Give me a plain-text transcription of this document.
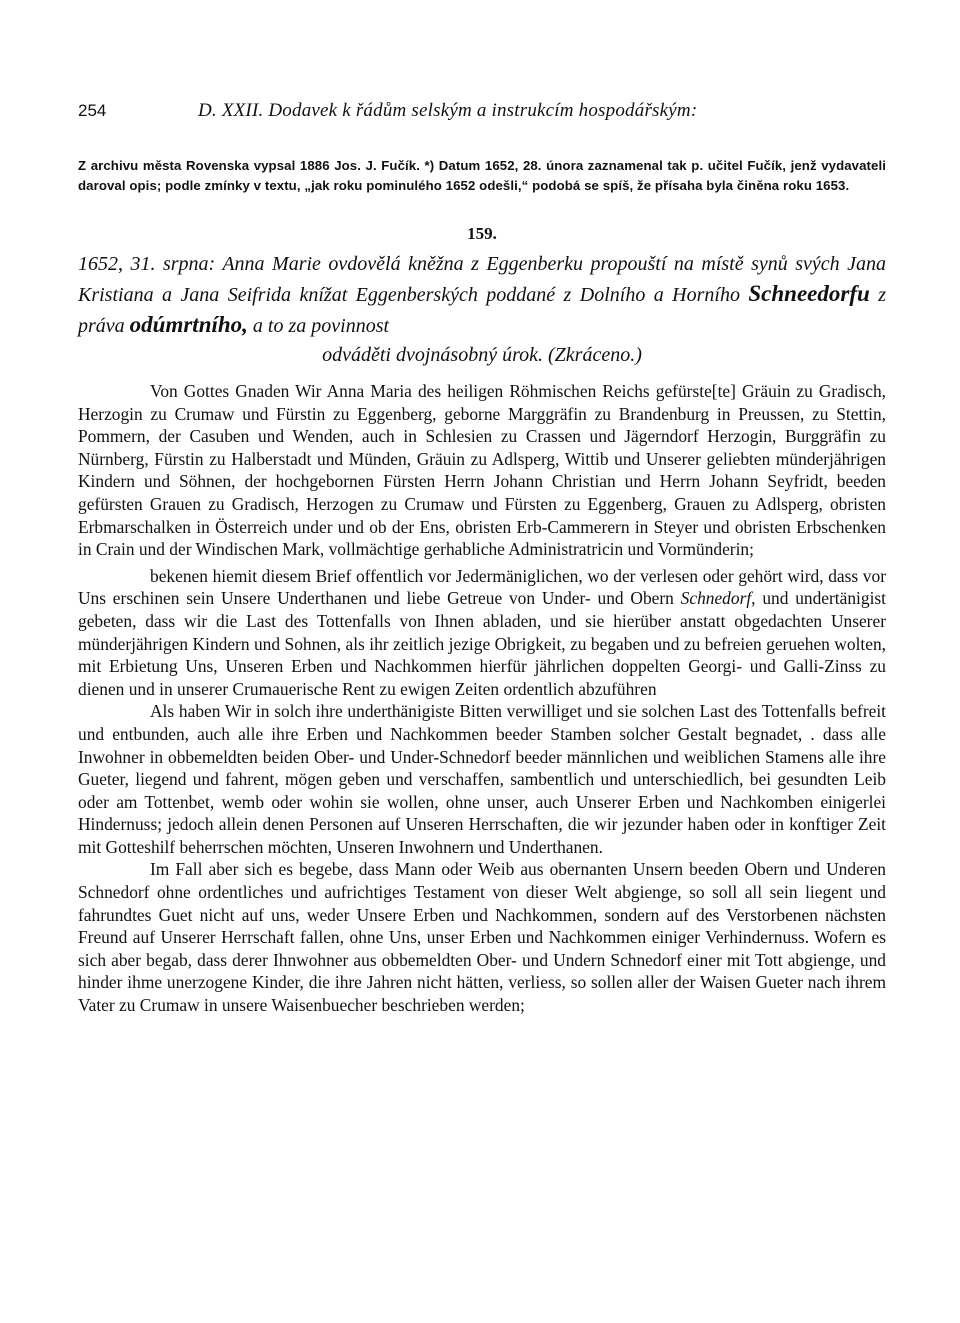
254	D. XXII. Dodavek k řádům selským a instrukcím hospodářským:

Z archivu města Rovenska vypsal 1886 Jos. J. Fučík. *) Datum 1652, 28. února zaznamenal tak p. učitel Fučík, jenž vydavateli daroval opis; podle zmínky v textu, „jak roku pominulého 1652 odešli,“ podobá se spíš, že přísaha byla činěna roku 1653.

159.

1652, 31. srpna: Anna Marie ovdovělá kněžna z Eggenberku propouští na místě synů svých Jana Kristiana a Jana Seifrida knížat Eggenberských poddané z Dolního a Horního Schneedorfu z práva odúmrtního, a to za povinnost

odváděti dvojnásobný úrok. (Zkráceno.)

Von Gottes Gnaden Wir Anna Maria des heiligen Röhmischen Reichs gefürste[te] Gräuin zu Gradisch, Herzogin zu Crumaw und Fürstin zu Eggenberg, geborne Marggräfin zu Brandenburg in Preussen, zu Stettin, Pommern, der Casuben und Wenden, auch in Schlesien zu Crassen und Jägerndorf Herzogin, Burggräfin zu Nürnberg, Fürstin zu Halberstadt und Münden, Gräuin zu Adlsperg, Wittib und Unserer geliebten münderjährigen Kindern und Söhnen, der hochgebornen Fürsten Herrn Johann Christian und Herrn Johann Seyfridt, beeden gefürsten Grauen zu Gradisch, Herzogen zu Crumaw und Fürsten zu Eggenberg, Grauen zu Adlsperg, obristen Erbmarschalken in Österreich under und ob der Ens, obristen Erb-Cammerern in Steyer und obristen Erbschenken in Crain und der Windischen Mark, vollmächtige gerhabliche Administratricin und Vormünderin;

bekenen hiemit diesem Brief offentlich vor Jedermäniglichen, wo der verlesen oder gehört wird, dass vor Uns erschinen sein Unsere Underthanen und liebe Getreue von Under- und Obern Schnedorf, und undertänigist gebeten, dass wir die Last des Tottenfalls von Ihnen abladen, und sie hierüber anstatt obgedachten Unserer münderjährigen Kindern und Sohnen, als ihr zeitlich jezige Obrigkeit, zu begaben und zu befreien geruehen wolten, mit Erbietung Uns, Unseren Erben und Nachkommen hierfür jährlichen doppelten Georgi- und Galli-Zinss zu dienen und in unserer Crumauerische Rent zu ewigen Zeiten ordentlich abzuführen

Als haben Wir in solch ihre underthänigiste Bitten verwilliget und sie solchen Last des Tottenfalls befreit und entbunden, auch alle ihre Erben und Nachkommen beeder Stamben solcher Gestalt begnadet, . dass alle Inwohner in obbemeldten beiden Ober- und Under-Schnedorf beeder männlichen und weiblichen Stamens alle ihre Gueter, liegend und fahrent, mögen geben und verschaffen, sambentlich und unterschiedlich, bei gesundten Leib oder am Tottenbet, wemb oder wohin sie wollen, ohne unser, auch Unserer Erben und Nachkomben einigerlei Hindernuss; jedoch allein denen Personen auf Unseren Herrschaften, die wir jezunder haben oder in konftiger Zeit mit Gotteshilf beherrschen möchten, Unseren Inwohnern und Underthanen.

Im Fall aber sich es begebe, dass Mann oder Weib aus obernanten Unsern beeden Obern und Underen Schnedorf ohne ordentliches und aufrichtiges Testament von dieser Welt abgienge, so soll all sein liegent und fahrundtes Guet nicht auf uns, weder Unsere Erben und Nachkommen, sondern auf des Verstorbenen nächsten Freund auf Unserer Herrschaft fallen, ohne Uns, unser Erben und Nachkommen einiger Verhindernuss. Wofern es sich aber begab, dass derer Ihnwohner aus obbemeldten Ober- und Undern Schnedorf einer mit Tott abgienge, und hinder ihme unerzogene Kinder, die ihre Jahren nicht hätten, verliess, so sollen aller der Waisen Gueter nach ihrem Vater zu Crumaw in unsere Waisenbuecher beschrieben werden;
